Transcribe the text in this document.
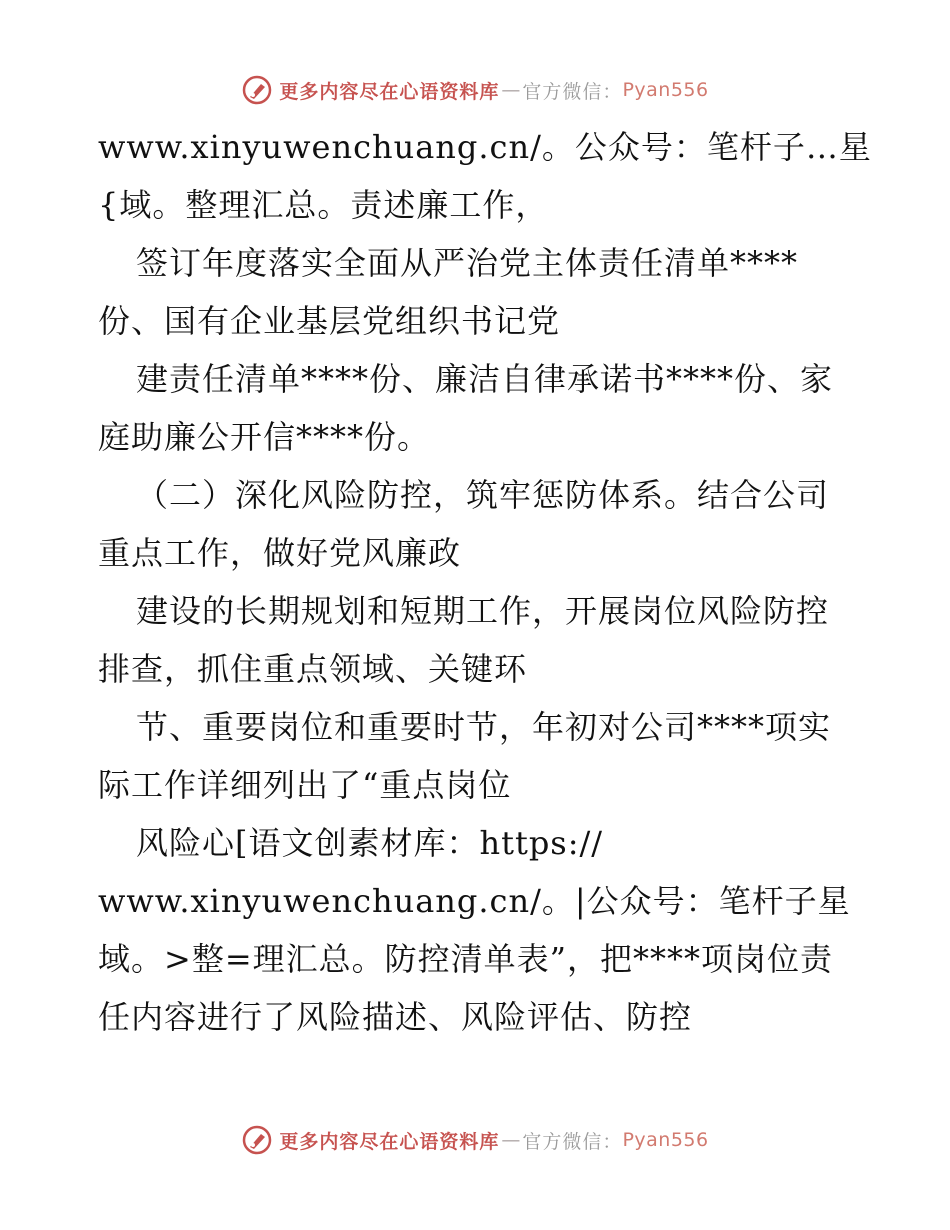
更多内容尽在心语资料库 — 官方微信： Pyan556
www.xinyuwenchuang.cn/。公众号：笔杆子…星
{域。整理汇总。责述廉工作，
签订年度落实全面从严治党主体责任清单****
份、国有企业基层党组织书记党
建责任清单****份、廉洁自律承诺书****份、家
庭助廉公开信****份。
（二）深化风险防控，筑牢惩防体系。结合公司
重点工作，做好党风廉政
建设的长期规划和短期工作，开展岗位风险防控
排查，抓住重点领域、关键环
节、重要岗位和重要时节，年初对公司****项实
际工作详细列出了“重点岗位
风险心[语文创素材库：https://
www.xinyuwenchuang.cn/。|公众号：笔杆子星
域。>整=理汇总。防控清单表”，把****项岗位责
任内容进行了风险描述、风险评估、防控
更多内容尽在心语资料库 — 官方微信： Pyan556
